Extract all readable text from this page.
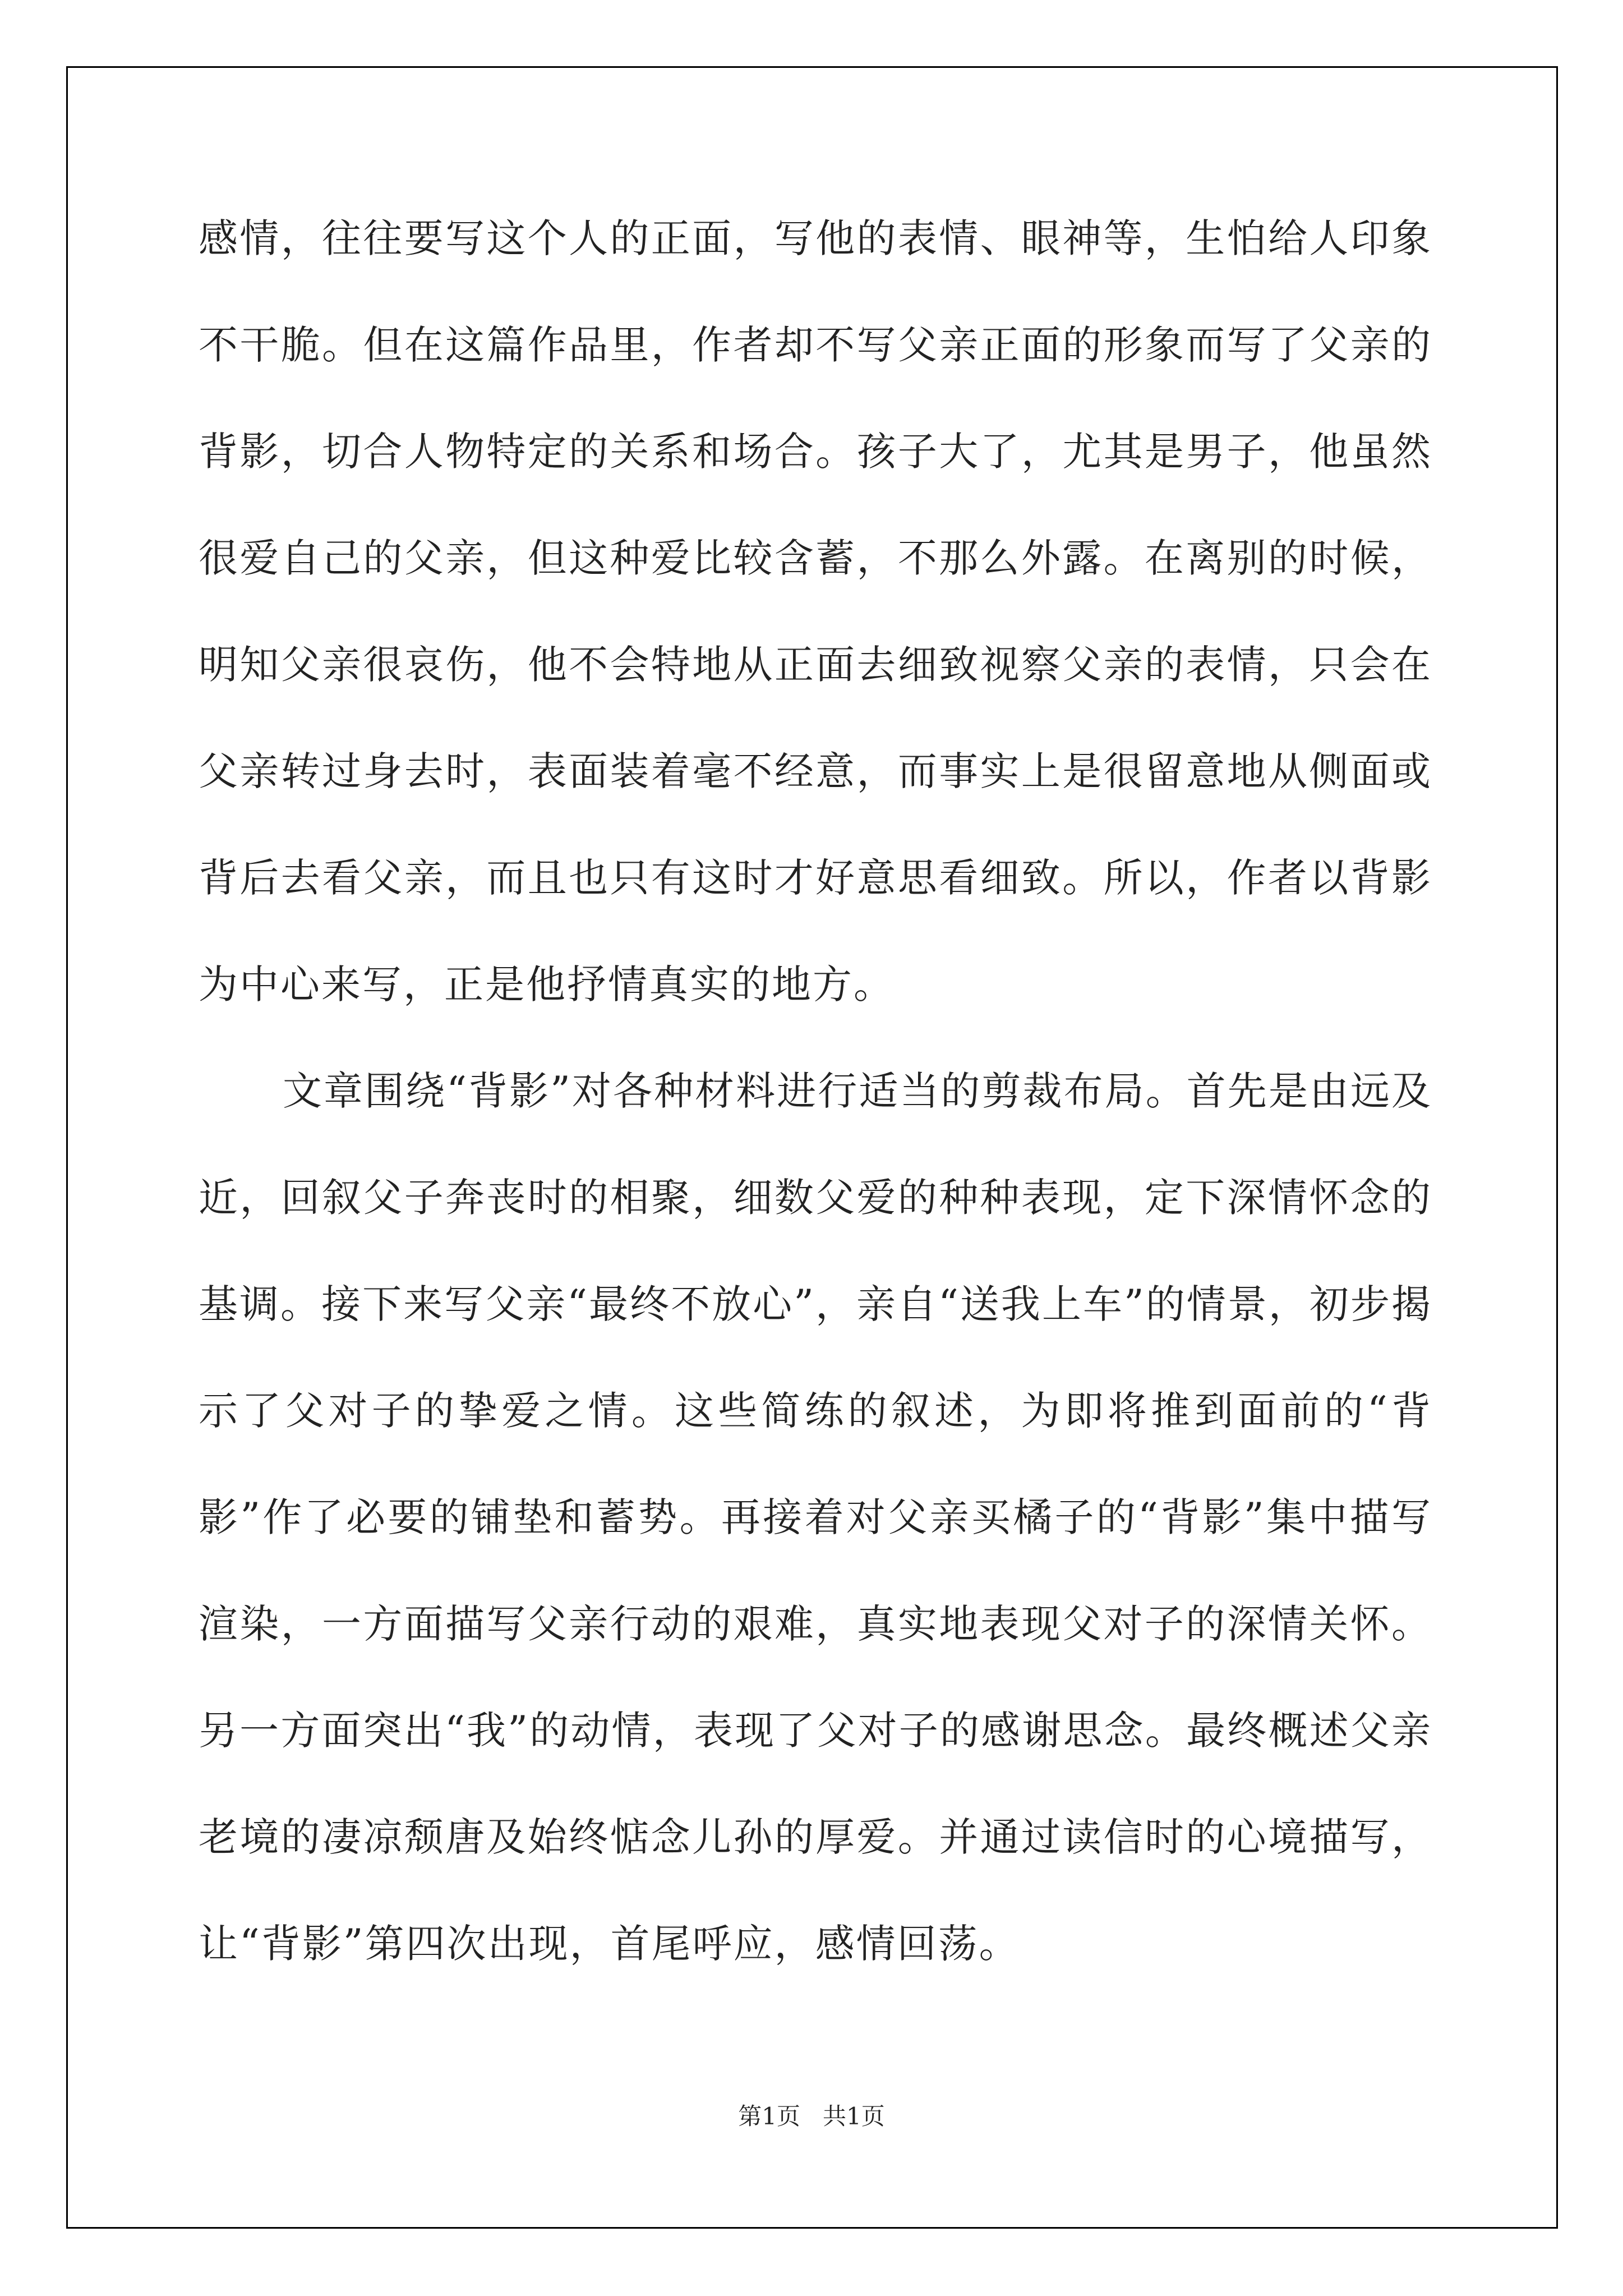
感情，往往要写这个人的正面，写他的表情、眼神等，生怕给人印象不干脆。但在这篇作品里，作者却不写父亲正面的形象而写了父亲的背影，切合人物特定的关系和场合。孩子大了，尤其是男子，他虽然很爱自己的父亲，但这种爱比较含蓄，不那么外露。在离别的时候，明知父亲很哀伤，他不会特地从正面去细致视察父亲的表情，只会在父亲转过身去时，表面装着毫不经意，而事实上是很留意地从侧面或背后去看父亲，而且也只有这时才好意思看细致。所以，作者以背影为中心来写，正是他抒情真实的地方。

文章围绕“背影”对各种材料进行适当的剪裁布局。首先是由远及近，回叙父子奔丧时的相聚，细数父爱的种种表现，定下深情怀念的基调。接下来写父亲“最终不放心”，亲自“送我上车”的情景，初步揭示了父对子的挚爱之情。这些简练的叙述，为即将推到面前的“背影”作了必要的铺垫和蓄势。再接着对父亲买橘子的“背影”集中描写渲染，一方面描写父亲行动的艰难，真实地表现父对子的深情关怀。另一方面突出“我”的动情，表现了父对子的感谢思念。最终概述父亲老境的凄凉颓唐及始终惦念儿孙的厚爱。并通过读信时的心境描写，让“背影”第四次出现，首尾呼应，感情回荡。

第1页 共1页
